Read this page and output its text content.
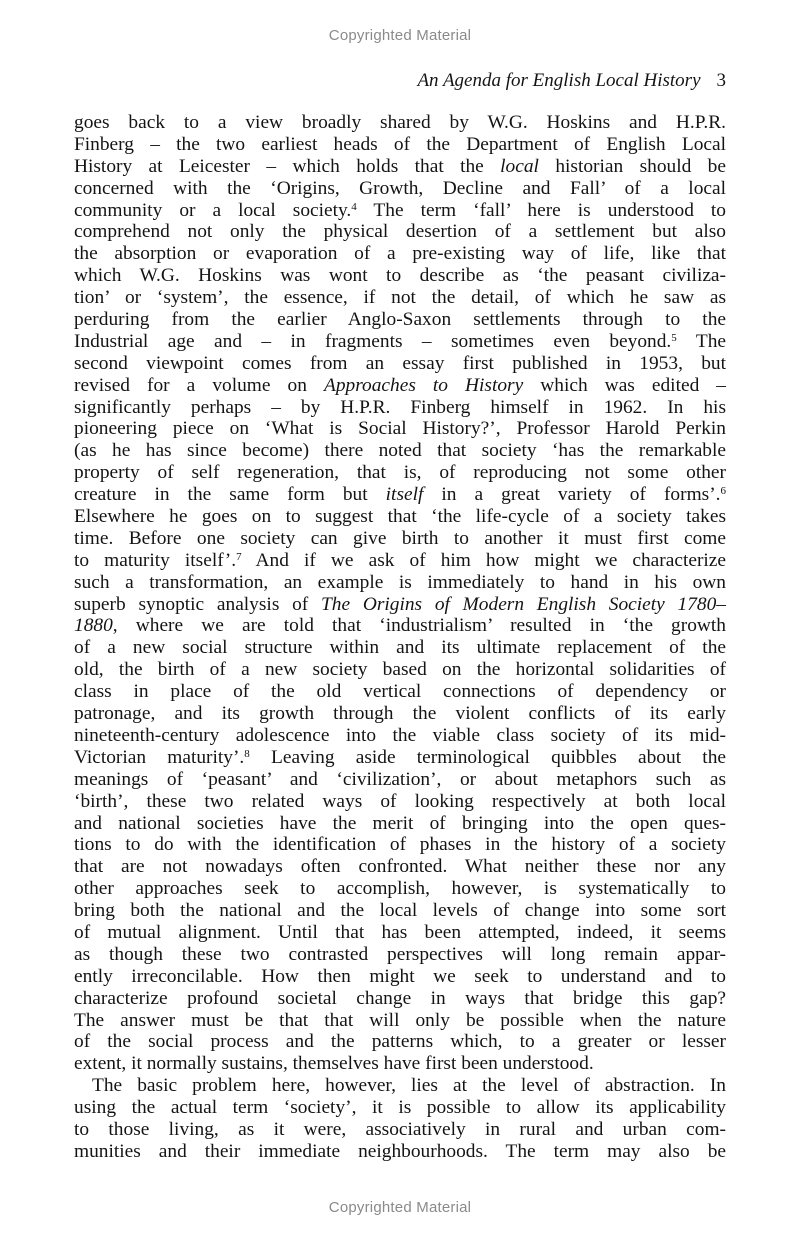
Copyrighted Material
An Agenda for English Local History 3
goes back to a view broadly shared by W.G. Hoskins and H.P.R.
Finberg – the two earliest heads of the Department of English Local
History at Leicester – which holds that the local historian should be
concerned with the ‘Origins, Growth, Decline and Fall’ of a local
community or a local society.$^4$ The term ‘fall’ here is understood to
comprehend not only the physical desertion of a settlement but also
the absorption or evaporation of a pre-existing way of life, like that
which W.G. Hoskins was wont to describe as ‘the peasant civiliza-
tion’ or ‘system’, the essence, if not the detail, of which he saw as
perduring from the earlier Anglo-Saxon settlements through to the
Industrial age and – in fragments – sometimes even beyond.$^5$ The
second viewpoint comes from an essay first published in 1953, but
revised for a volume on Approaches to History which was edited –
significantly perhaps – by H.P.R. Finberg himself in 1962. In his
pioneering piece on ‘What is Social History?’, Professor Harold Perkin
(as he has since become) there noted that society ‘has the remarkable
property of self regeneration, that is, of reproducing not some other
creature in the same form but itself in a great variety of forms’.$^6$
Elsewhere he goes on to suggest that ‘the life-cycle of a society takes
time. Before one society can give birth to another it must first come
to maturity itself’.$^7$ And if we ask of him how might we characterize
such a transformation, an example is immediately to hand in his own
superb synoptic analysis of The Origins of Modern English Society 1780–
1880, where we are told that ‘industrialism’ resulted in ‘the growth
of a new social structure within and its ultimate replacement of the
old, the birth of a new society based on the horizontal solidarities of
class in place of the old vertical connections of dependency or
patronage, and its growth through the violent conflicts of its early
nineteenth-century adolescence into the viable class society of its mid-
Victorian maturity’.$^8$ Leaving aside terminological quibbles about the
meanings of ‘peasant’ and ‘civilization’, or about metaphors such as
‘birth’, these two related ways of looking respectively at both local
and national societies have the merit of bringing into the open ques-
tions to do with the identification of phases in the history of a society
that are not nowadays often confronted. What neither these nor any
other approaches seek to accomplish, however, is systematically to
bring both the national and the local levels of change into some sort
of mutual alignment. Until that has been attempted, indeed, it seems
as though these two contrasted perspectives will long remain appar-
ently irreconcilable. How then might we seek to understand and to
characterize profound societal change in ways that bridge this gap?
The answer must be that that will only be possible when the nature
of the social process and the patterns which, to a greater or lesser
extent, it normally sustains, themselves have first been understood.
The basic problem here, however, lies at the level of abstraction. In
using the actual term ‘society’, it is possible to allow its applicability
to those living, as it were, associatively in rural and urban com-
munities and their immediate neighbourhoods. The term may also be
Copyrighted Material
